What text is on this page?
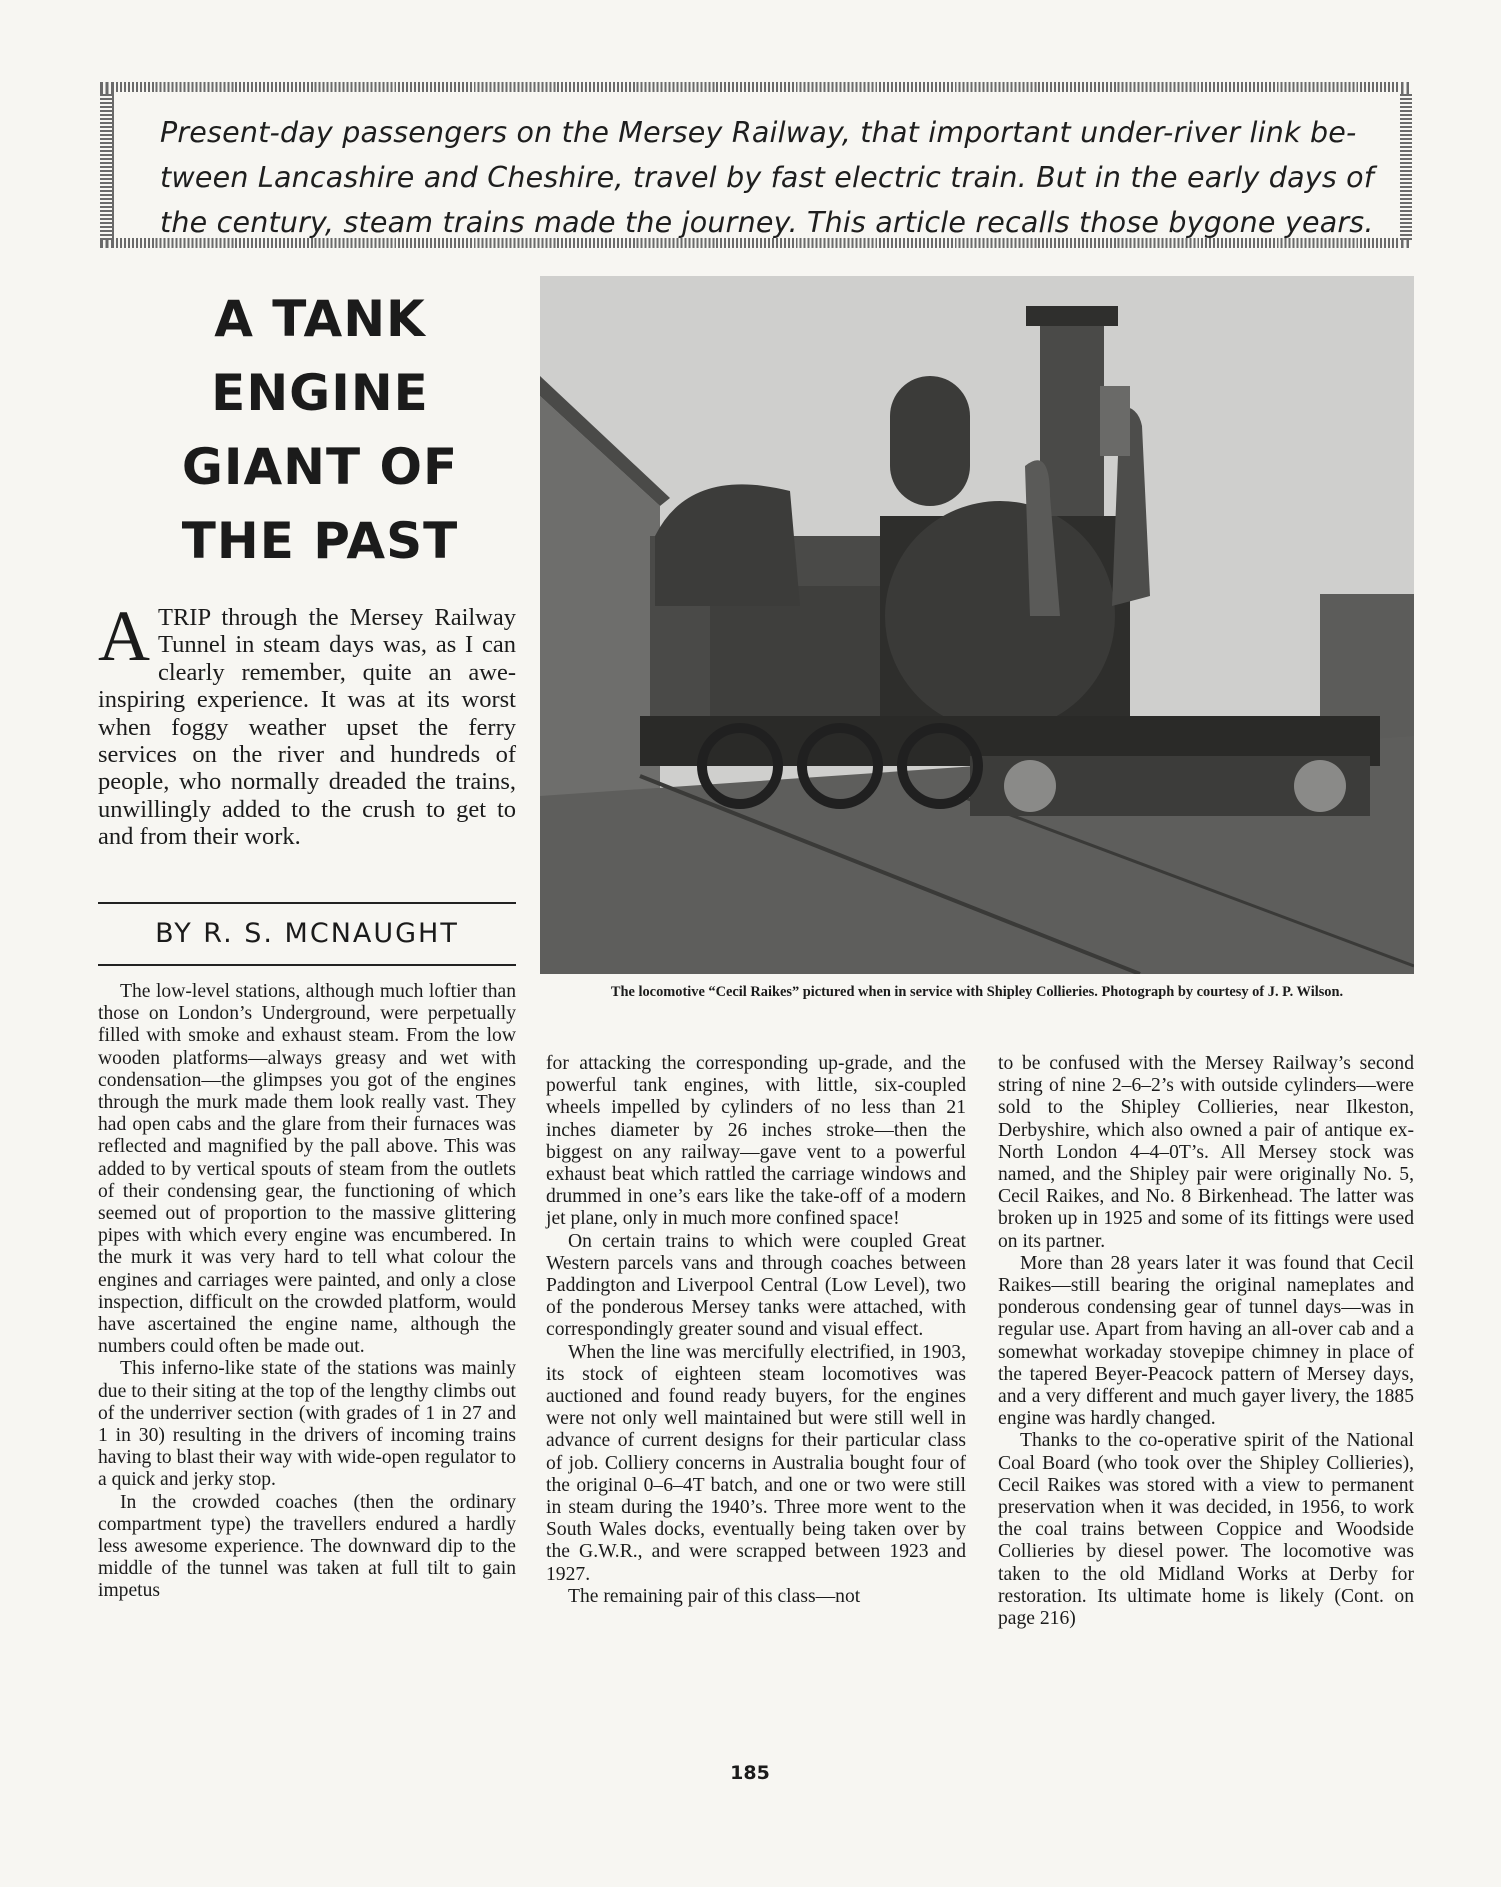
Present-day passengers on the Mersey Railway, that important under-river link be-
tween Lancashire and Cheshire, travel by fast electric train. But in the early days of
the century, steam trains made the journey. This article recalls those bygone years.
A TANK
ENGINE
GIANT OF
THE PAST
A TRIP through the Mersey Railway Tunnel in steam days was, as I can clearly remember, quite an awe-inspiring experience. It was at its worst when foggy weather upset the ferry services on the river and hundreds of people, who normally dreaded the trains, unwillingly added to the crush to get to and from their work.
BY R. S. MCNAUGHT
The locomotive “Cecil Raikes” pictured when in service with Shipley Collieries. Photograph by courtesy of J. P. Wilson.

The low-level stations, although much loftier than those on London’s Underground, were perpetually filled with smoke and exhaust steam. From the low wooden platforms—always greasy and wet with condensation—the glimpses you got of the engines through the murk made them look really vast. They had open cabs and the glare from their furnaces was reflected and magnified by the pall above. This was added to by vertical spouts of steam from the outlets of their condensing gear, the functioning of which seemed out of proportion to the massive glittering pipes with which every engine was encumbered. In the murk it was very hard to tell what colour the engines and carriages were painted, and only a close inspection, difficult on the crowded platform, would have ascertained the engine name, although the numbers could often be made out.

This inferno-like state of the stations was mainly due to their siting at the top of the lengthy climbs out of the underriver section (with grades of 1 in 27 and 1 in 30) resulting in the drivers of incoming trains having to blast their way with wide-open regulator to a quick and jerky stop.

In the crowded coaches (then the ordinary compartment type) the travellers endured a hardly less awesome experience. The downward dip to the middle of the tunnel was taken at full tilt to gain impetus

for attacking the corresponding up-grade, and the powerful tank engines, with little, six-coupled wheels impelled by cylinders of no less than 21 inches diameter by 26 inches stroke—then the biggest on any railway—gave vent to a powerful exhaust beat which rattled the carriage windows and drummed in one’s ears like the take-off of a modern jet plane, only in much more confined space!

On certain trains to which were coupled Great Western parcels vans and through coaches between Paddington and Liverpool Central (Low Level), two of the ponderous Mersey tanks were attached, with correspondingly greater sound and visual effect.

When the line was mercifully electrified, in 1903, its stock of eighteen steam locomotives was auctioned and found ready buyers, for the engines were not only well maintained but were still well in advance of current designs for their particular class of job. Colliery concerns in Australia bought four of the original 0–6–4T batch, and one or two were still in steam during the 1940’s. Three more went to the South Wales docks, eventually being taken over by the G.W.R., and were scrapped between 1923 and 1927.

The remaining pair of this class—not

to be confused with the Mersey Railway’s second string of nine 2–6–2’s with outside cylinders—were sold to the Shipley Collieries, near Ilkeston, Derbyshire, which also owned a pair of antique ex-North London 4–4–0T’s. All Mersey stock was named, and the Shipley pair were originally No. 5, Cecil Raikes, and No. 8 Birkenhead. The latter was broken up in 1925 and some of its fittings were used on its partner.

More than 28 years later it was found that Cecil Raikes—still bearing the original nameplates and ponderous condensing gear of tunnel days—was in regular use. Apart from having an all-over cab and a somewhat workaday stovepipe chimney in place of the tapered Beyer-Peacock pattern of Mersey days, and a very different and much gayer livery, the 1885 engine was hardly changed.

Thanks to the co-operative spirit of the National Coal Board (who took over the Shipley Collieries), Cecil Raikes was stored with a view to permanent preservation when it was decided, in 1956, to work the coal trains between Coppice and Woodside Collieries by diesel power. The locomotive was taken to the old Midland Works at Derby for restoration. Its ultimate home is likely (Cont. on page 216)

185
